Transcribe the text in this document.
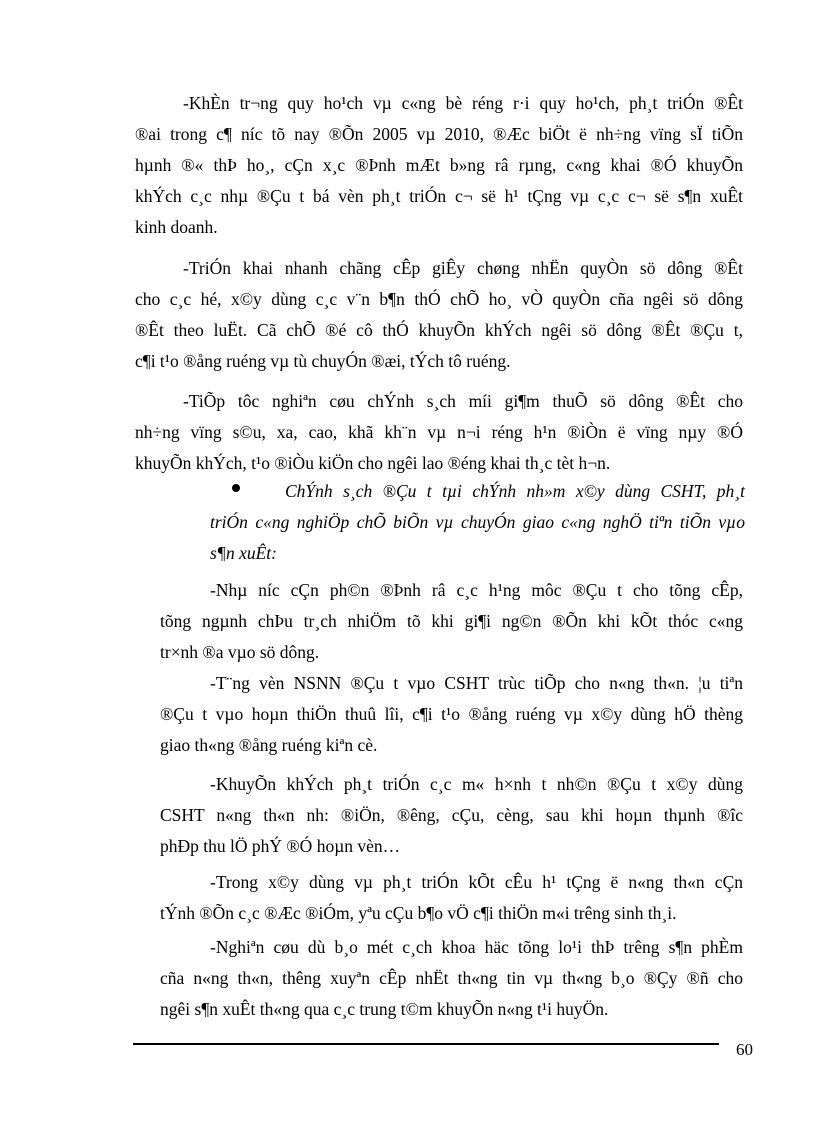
-KhÈn tr¬ng quy ho¹ch vµ c«ng bè réng r·i quy ho¹ch, ph¸t triÓn ®Êt
®ai trong c¶ níc tõ nay ®Õn 2005 vµ 2010, ®Æc biÖt ë nh÷ng vïng sÏ tiÕn
hµnh ®« thÞ ho¸, cÇn x¸c ®Þnh mÆt b»ng râ rµng, c«ng khai ®Ó khuyÕn
khÝch c¸c nhµ ®Çu t bá vèn ph¸t triÓn c¬ së h¹ tÇng vµ c¸c c¬ së s¶n xuÊt
kinh doanh.

-TriÓn khai nhanh chãng cÊp giÊy chøng nhËn quyÒn sö dông ®Êt
cho c¸c hé, x©y dùng c¸c v¨n b¶n thÓ chÕ ho¸ vÒ quyÒn cña ngêi sö dông
®Êt theo luËt. Cã chÕ ®é cô thÓ khuyÕn khÝch ngêi sö dông ®Êt ®Çu t,
c¶i t¹o ®ång ruéng vµ tù chuyÓn ®æi, tÝch tô ruéng.

-TiÕp tôc nghiªn cøu chÝnh s¸ch míi gi¶m thuÕ sö dông ®Êt cho
nh÷ng vïng s©u, xa, cao, khã kh¨n vµ n¬i réng h¹n ®iÒn ë vïng nµy ®Ó
khuyÕn khÝch, t¹o ®iÒu kiÖn cho ngêi lao ®éng khai th¸c tèt h¬n.

ChÝnh s¸ch ®Çu t tµi chÝnh nh»m x©y dùng CSHT, ph¸t
triÓn c«ng nghiÖp chÕ biÕn vµ chuyÓn giao c«ng nghÖ tiªn tiÕn vµo
s¶n xuÊt:

-Nhµ níc cÇn ph©n ®Þnh râ c¸c h¹ng môc ®Çu t cho tõng cÊp,
tõng ngµnh chÞu tr¸ch nhiÖm tõ khi gi¶i ng©n ®Õn khi kÕt thóc c«ng
tr×nh ®a vµo sö dông.

-T¨ng vèn NSNN ®Çu t vµo CSHT trùc tiÕp cho n«ng th«n. ¦u tiªn
®Çu t vµo hoµn thiÖn thuû lîi, c¶i t¹o ®ång ruéng vµ x©y dùng hÖ thèng
giao th«ng ®ång ruéng kiªn cè.

-KhuyÕn khÝch ph¸t triÓn c¸c m« h×nh t nh©n ®Çu t x©y dùng
CSHT n«ng th«n nh: ®iÖn, ®êng, cÇu, cèng, sau khi hoµn thµnh ®îc
phÐp thu lÖ phÝ ®Ó hoµn vèn…

-Trong x©y dùng vµ ph¸t triÓn kÕt cÊu h¹ tÇng ë n«ng th«n cÇn
tÝnh ®Õn c¸c ®Æc ®iÓm, yªu cÇu b¶o vÖ c¶i thiÖn m«i trêng sinh th¸i.

-Nghiªn cøu dù b¸o mét c¸ch khoa häc tõng lo¹i thÞ trêng s¶n phÈm
cña n«ng th«n, thêng xuyªn cÊp nhËt th«ng tin vµ th«ng b¸o ®Çy ®ñ cho
ngêi s¶n xuÊt th«ng qua c¸c trung t©m khuyÕn n«ng t¹i huyÖn.

60
